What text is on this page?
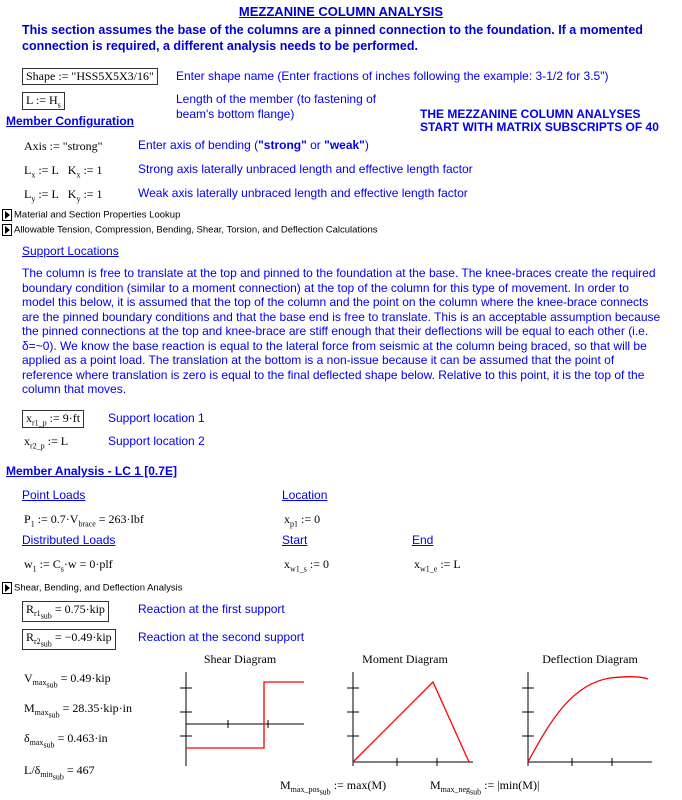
MEZZANINE COLUMN ANALYSIS
This section assumes the base of the columns are a pinned connection to the foundation. If a momented connection is required, a different analysis needs to be performed.
Shape := "HSS5X5X3/16"	Enter shape name (Enter fractions of inches following the example: 3-1/2 for 3.5")
L := $H_s$	Length of the member (to fastening of beam's bottom flange)	THE MEZZANINE COLUMN ANALYSES START WITH MATRIX SUBSCRIPTS OF 40
Member Configuration
Axis := "strong"	Enter axis of bending ("strong" or "weak")
$L_x$ := L $K_x$ := 1	Strong axis laterally unbraced length and effective length factor
$L_y$ := L $K_y$ := 1	Weak axis laterally unbraced length and effective length factor
Material and Section Properties Lookup
Allowable Tension, Compression, Bending, Shear, Torsion, and Deflection Calculations
Support Locations
The column is free to translate at the top and pinned to the foundation at the base. The knee-braces create the required boundary condition (similar to a moment connection) at the top of the column for this type of movement. In order to model this below, it is assumed that the top of the column and the point on the column where the knee-brace connects are the pinned boundary conditions and that the base end is free to translate. This is an acceptable assumption because the pinned connections at the top and knee-brace are stiff enough that their deflections will be equal to each other (i.e. δ=~0). We know the base reaction is equal to the lateral force from seismic at the column being braced, so that will be applied as a point load. The translation at the bottom is a non-issue because it can be assumed that the point of reference where translation is zero is equal to the final deflected shape below. Relative to this point, it is the top of the column that moves.
$x_{r1\_p}$ := 9·ft	Support location 1
$x_{r2\_p}$ := L	Support location 2
Member Analysis - LC 1 [0.7E]
Point Loads	Location
$P_1$ := $0.7\cdot V_{brace} = 263\cdot lbf$	$x_{p1}$ := 0
Distributed Loads	Start	End
$w_1$ := $C_s\cdot w = 0\cdot plf$	$x_{w1\_s}$ := 0	$x_{w1\_e}$ := L
Shear, Bending, and Deflection Analysis
$R_{r1_{sub}} = 0.75\cdot kip$	Reaction at the first support
$R_{r2_{sub}} = -0.49\cdot kip$	Reaction at the second support
$V_{max_{sub}} = 0.49\cdot kip$
$M_{max_{sub}} = 28.35\cdot kip\cdot in$
$\delta_{max_{sub}} = 0.463\cdot in$
$L/\delta_{min_{sub}} = 467$
Shear Diagram	Moment Diagram	Deflection Diagram
$M_{max\_pos_{sub}}$ := max(M)	$M_{max\_neg_{sub}}$ := |min(M)|
